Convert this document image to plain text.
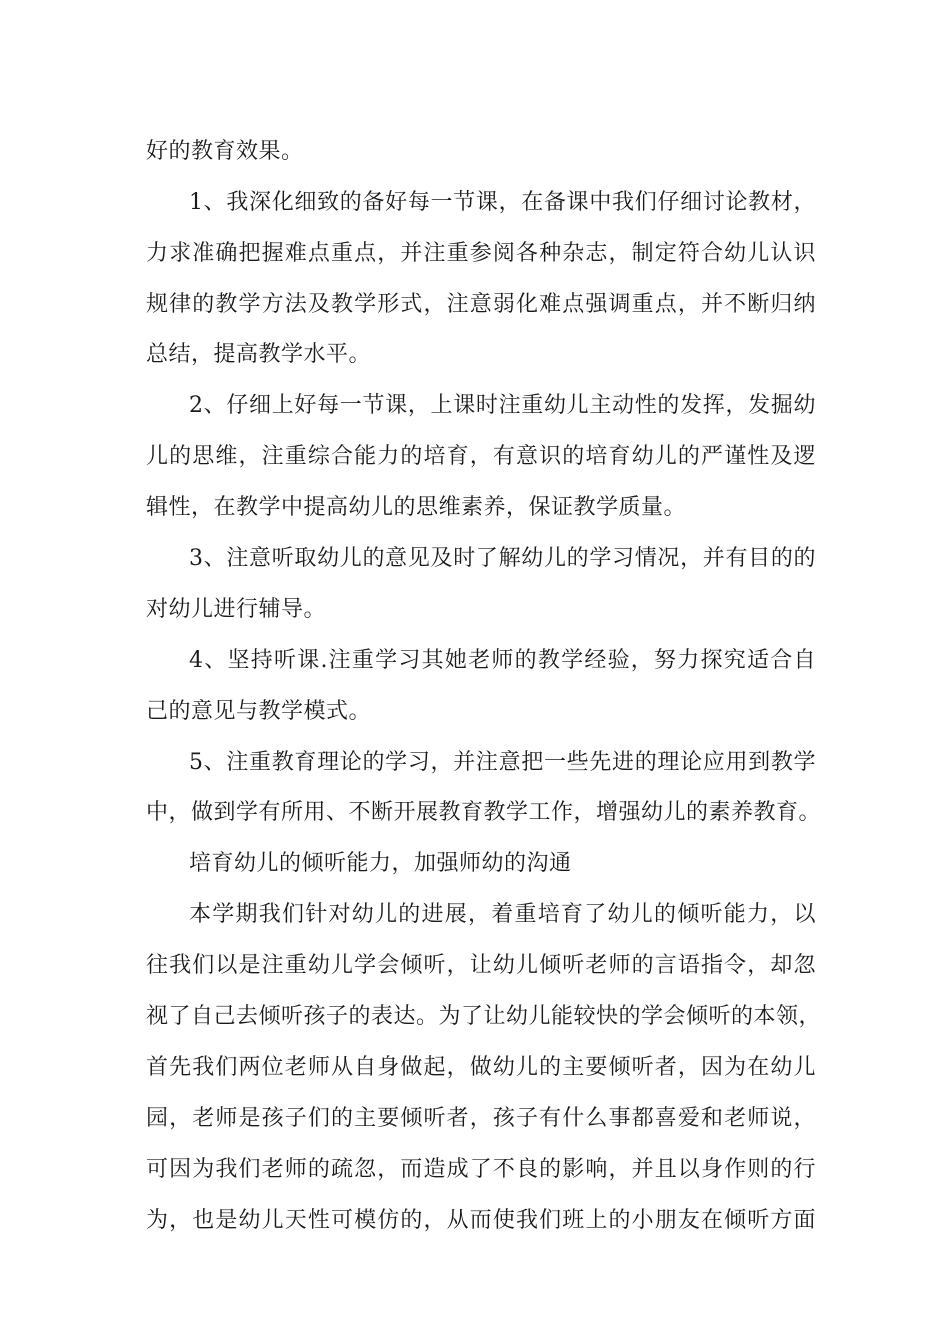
好的教育效果。
1、我深化细致的备好每一节课，在备课中我们仔细讨论教材，
力求准确把握难点重点，并注重参阅各种杂志，制定符合幼儿认识
规律的教学方法及教学形式，注意弱化难点强调重点，并不断归纳
总结，提高教学水平。
2、仔细上好每一节课，上课时注重幼儿主动性的发挥，发掘幼
儿的思维，注重综合能力的培育，有意识的培育幼儿的严谨性及逻
辑性，在教学中提高幼儿的思维素养，保证教学质量。
3、注意听取幼儿的意见及时了解幼儿的学习情况，并有目的的
对幼儿进行辅导。
4、坚持听课.注重学习其她老师的教学经验，努力探究适合自
己的意见与教学模式。
5、注重教育理论的学习，并注意把一些先进的理论应用到教学
中，做到学有所用、不断开展教育教学工作，增强幼儿的素养教育。
培育幼儿的倾听能力，加强师幼的沟通
本学期我们针对幼儿的进展，着重培育了幼儿的倾听能力，以
往我们以是注重幼儿学会倾听，让幼儿倾听老师的言语指令，却忽
视了自己去倾听孩子的表达。为了让幼儿能较快的学会倾听的本领，
首先我们两位老师从自身做起，做幼儿的主要倾听者，因为在幼儿
园，老师是孩子们的主要倾听者，孩子有什么事都喜爱和老师说，
可因为我们老师的疏忽，而造成了不良的影响，并且以身作则的行
为，也是幼儿天性可模仿的，从而使我们班上的小朋友在倾听方面
